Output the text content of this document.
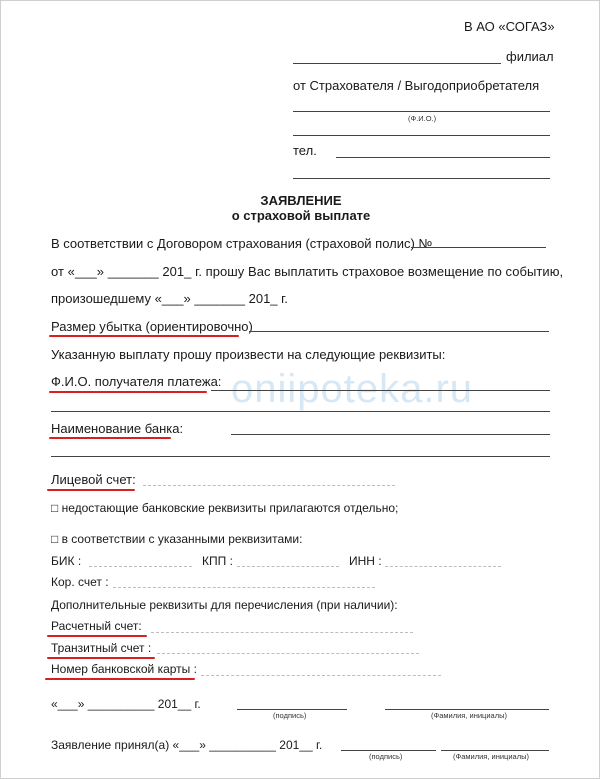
В АО «СОГАЗ»
филиал
от Страхователя / Выгодоприобретателя
(Ф.И.О.)
тел.
ЗАЯВЛЕНИЕ
о страховой выплате
В соответствии с Договором страхования (страховой полис) №
от «___» _______ 201_ г. прошу Вас выплатить страховое возмещение по событию,
произошедшему «___» _______ 201_ г.
Размер убытка (ориентировочно)
Указанную выплату прошу произвести на следующие реквизиты:
oniipoteka.ru
Ф.И.О. получателя платежа:
Наименование банка:
Лицевой счет:
□ недостающие банковские реквизиты прилагаются отдельно;
□ в соответствии с указанными реквизитами:
БИК :	КПП :	ИНН :
Кор. счет :
Дополнительные реквизиты для перечисления (при наличии):
Расчетный счет:
Транзитный счет :
Номер банковской карты :
«___» __________ 201__ г.
(подпись)	(Фамилия, инициалы)
Заявление принял(а) «___» __________ 201__ г.
(подпись)	(Фамилия, инициалы)
